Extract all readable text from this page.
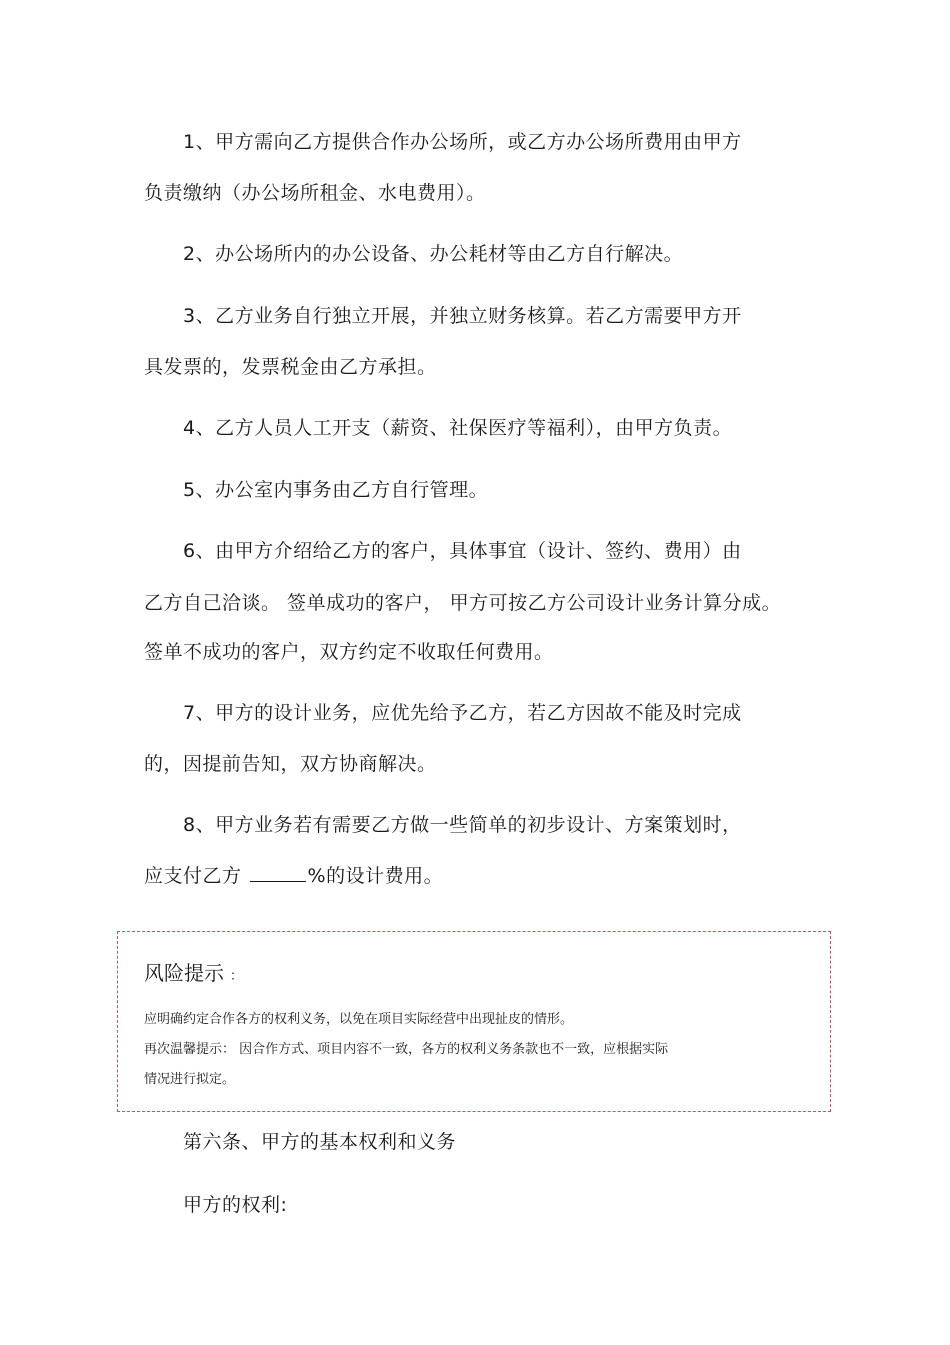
1、甲方需向乙方提供合作办公场所，或乙方办公场所费用由甲方
负责缴纳（办公场所租金、水电费用）。
2、办公场所内的办公设备、办公耗材等由乙方自行解决。
3、乙方业务自行独立开展，并独立财务核算。若乙方需要甲方开
具发票的，发票税金由乙方承担。
4、乙方人员人工开支（薪资、社保医疗等福利），由甲方负责。
5、办公室内事务由乙方自行管理。
6、由甲方介绍给乙方的客户，具体事宜（设计、签约、费用）由
乙方自己洽谈。 签单成功的客户， 甲方可按乙方公司设计业务计算分成。
签单不成功的客户，双方约定不收取任何费用。
7、甲方的设计业务，应优先给予乙方，若乙方因故不能及时完成
的，因提前告知，双方协商解决。
8、甲方业务若有需要乙方做一些简单的初步设计、方案策划时，
应支付乙方	%的设计费用。
风险提示 ：
应明确约定合作各方的权利义务，以免在项目实际经营中出现扯皮的情形。
再次温馨提示： 因合作方式、项目内容不一致，各方的权利义务条款也不一致，应根据实际
情况进行拟定。
第六条、甲方的基本权利和义务
甲方的权利:
